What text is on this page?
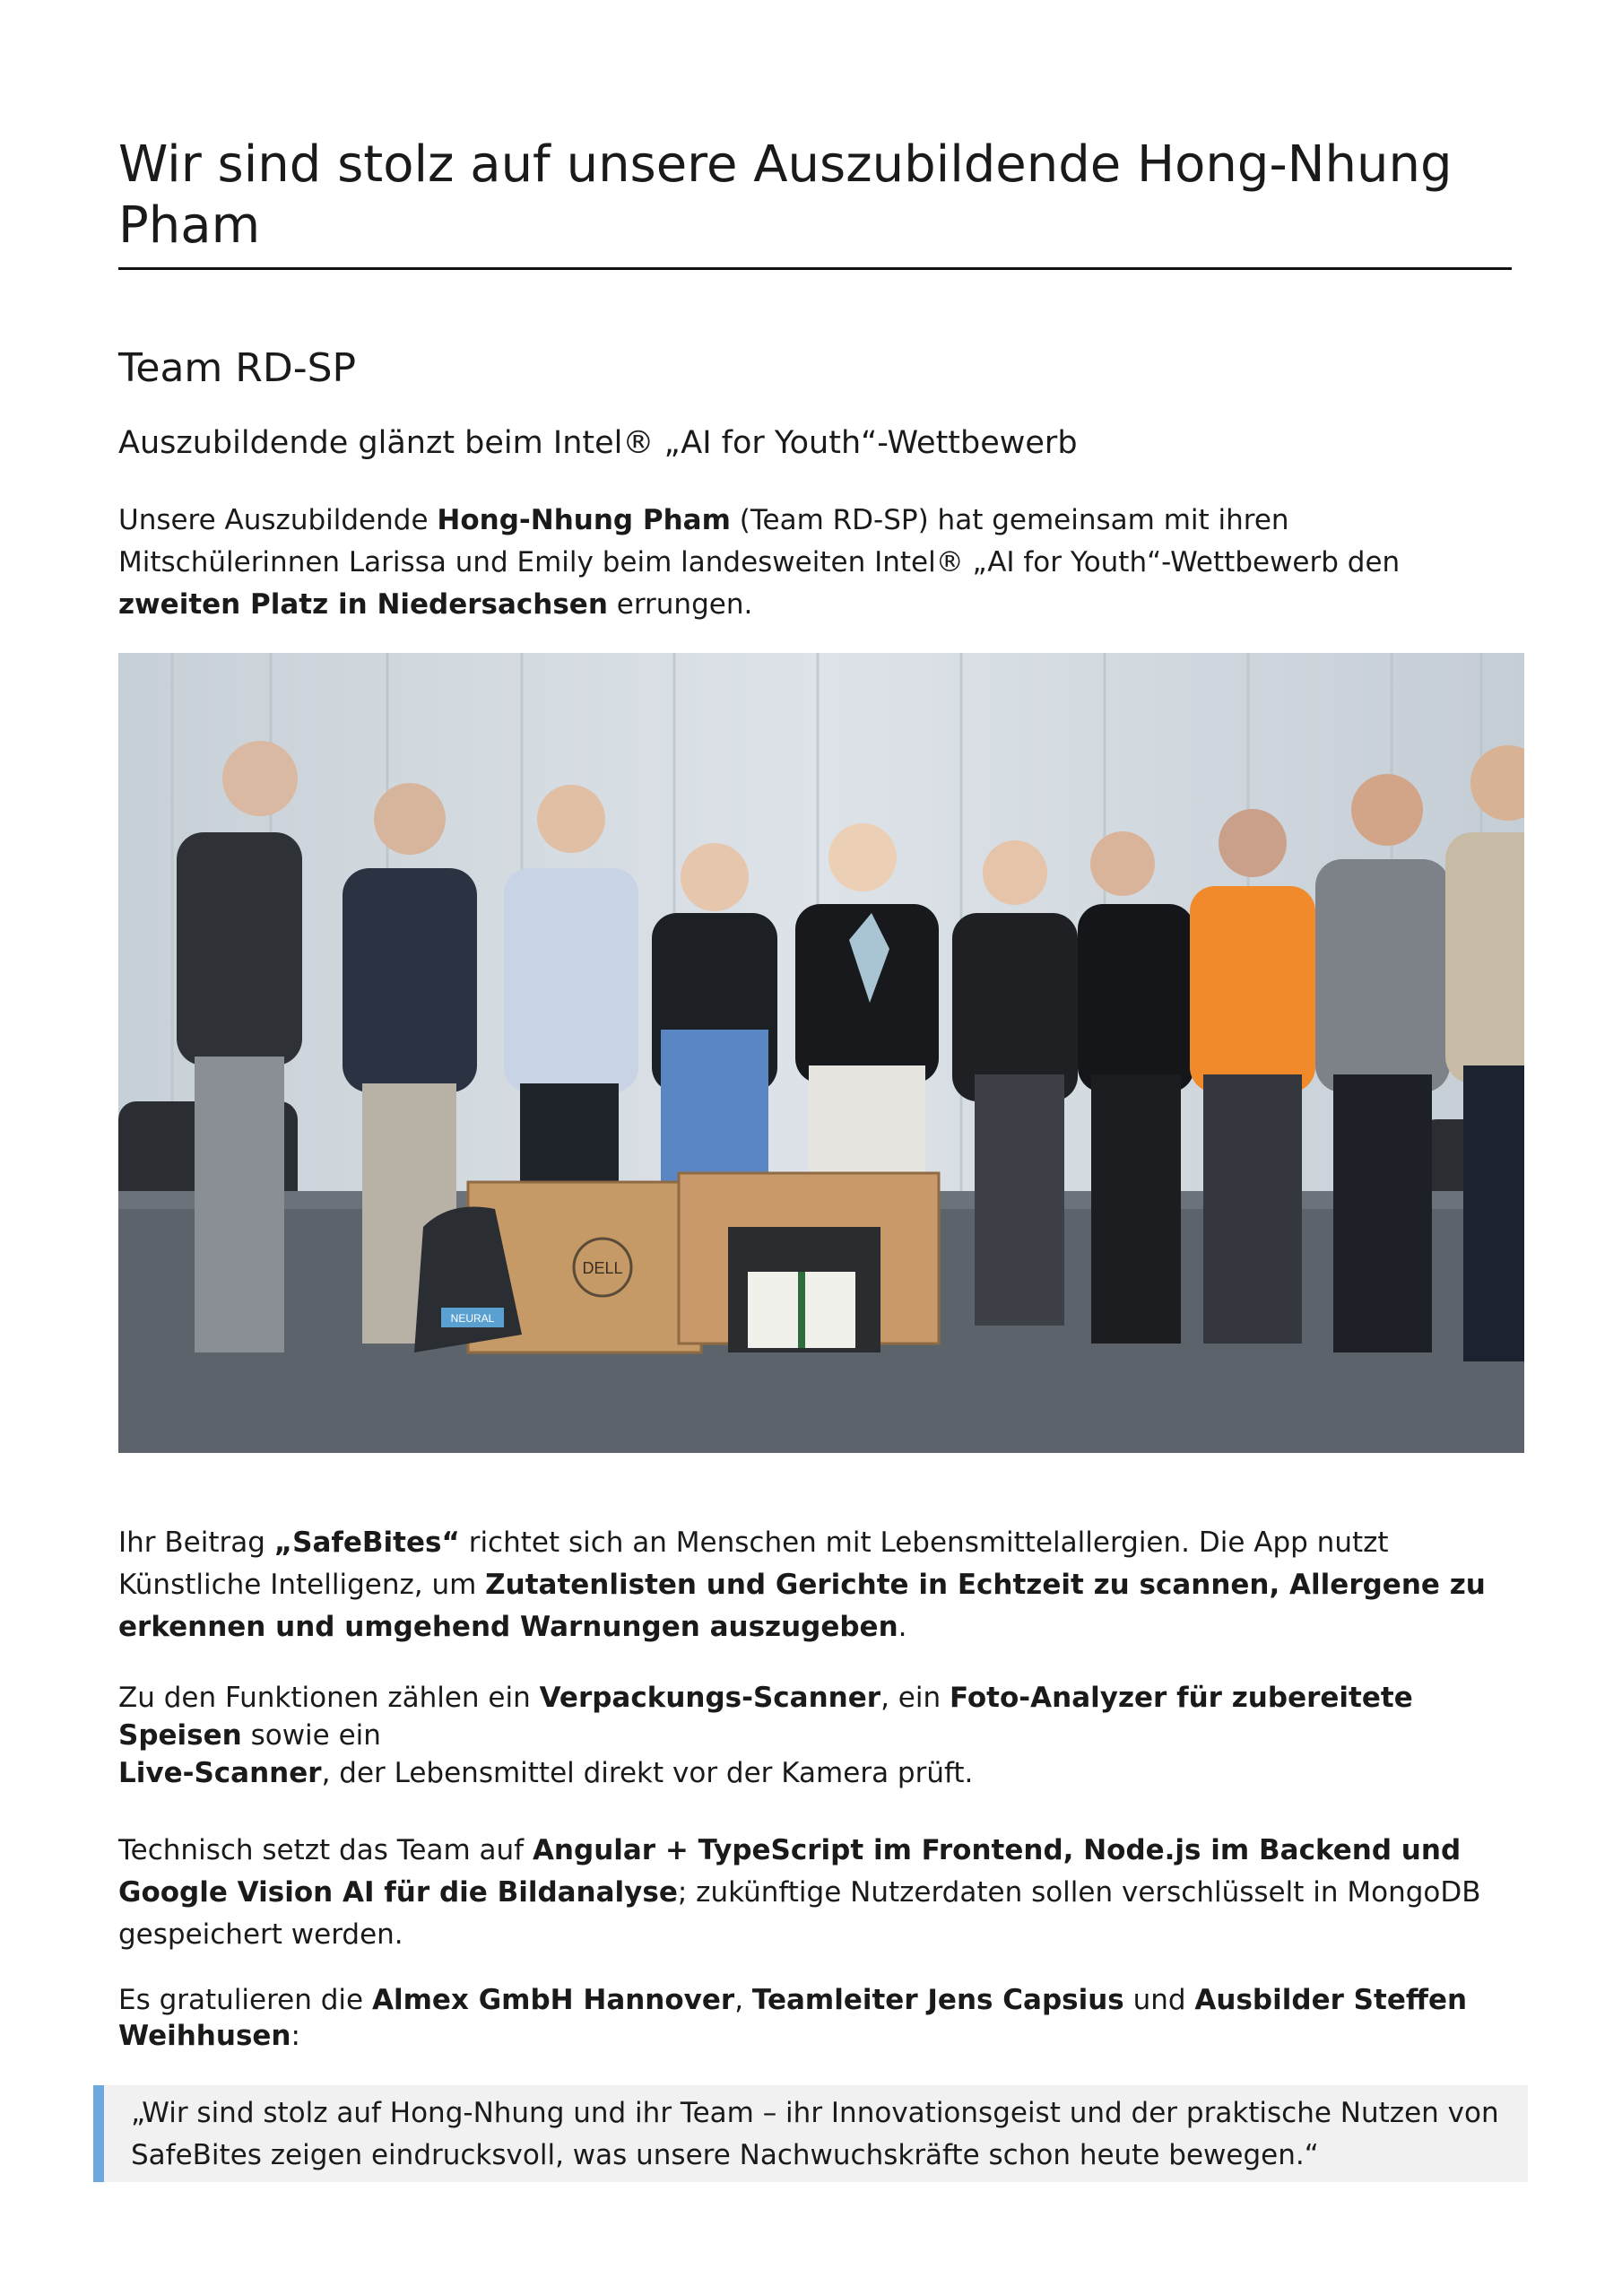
Wir sind stolz auf unsere Auszubildende Hong-Nhung Pham
Team RD-SP
Auszubildende glänzt beim Intel® „AI for Youth“-Wettbewerb

Unsere Auszubildende Hong-Nhung Pham (Team RD-SP) hat gemeinsam mit ihren Mitschülerinnen Larissa und Emily beim landesweiten Intel® „AI for Youth“-Wettbewerb den zweiten Platz in Niedersachsen errungen.

DELL
NEURAL

Ihr Beitrag „SafeBites“ richtet sich an Menschen mit Lebensmittelallergien. Die App nutzt Künstliche Intelligenz, um Zutatenlisten und Gerichte in Echtzeit zu scannen, Allergene zu erkennen und umgehend Warnungen auszugeben.

Zu den Funktionen zählen ein Verpackungs-Scanner, ein Foto-Analyzer für zubereitete Speisen sowie ein
Live-Scanner, der Lebensmittel direkt vor der Kamera prüft.

Technisch setzt das Team auf Angular + TypeScript im Frontend, Node.js im Backend und Google Vision AI für die Bildanalyse; zukünftige Nutzerdaten sollen verschlüsselt in MongoDB gespeichert werden.

Es gratulieren die Almex GmbH Hannover, Teamleiter Jens Capsius und Ausbilder Steffen Weihhusen:

„Wir sind stolz auf Hong-Nhung und ihr Team – ihr Innovationsgeist und der praktische Nutzen von SafeBites zeigen eindrucksvoll, was unsere Nachwuchskräfte schon heute bewegen.“
